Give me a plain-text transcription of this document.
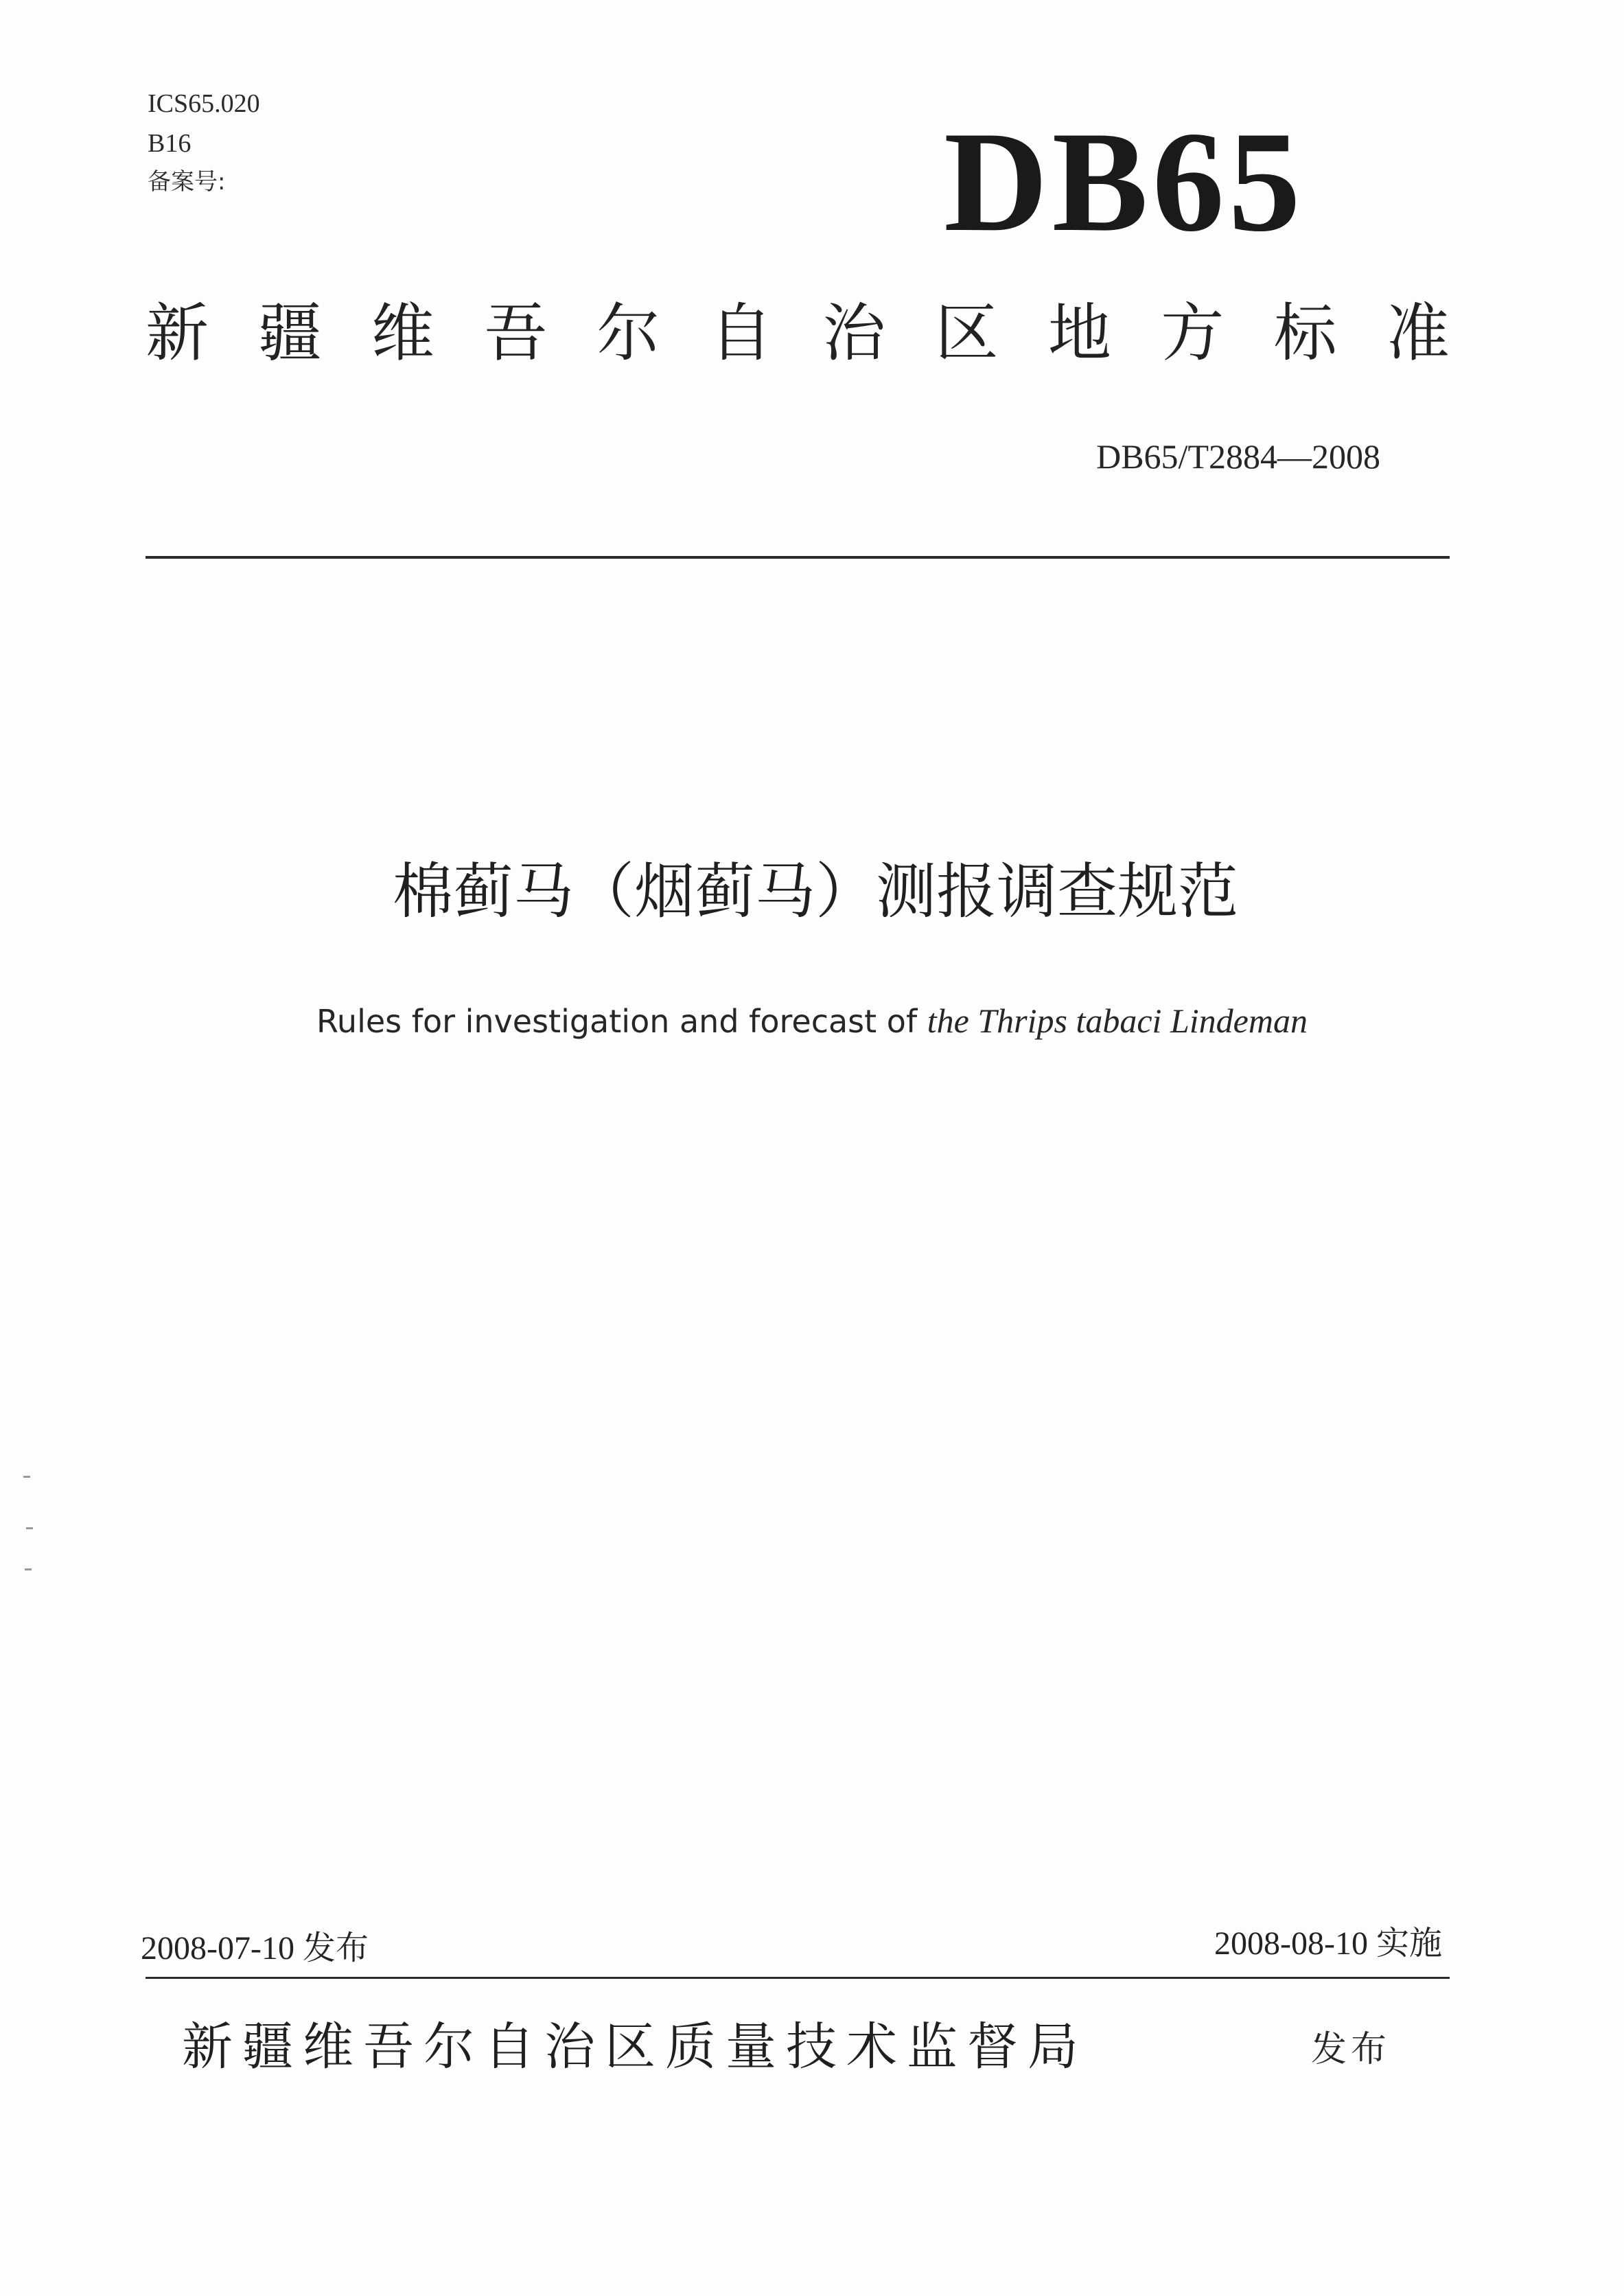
ICS65.020
B16
备案号:	DB65
新 疆 维 吾 尔 自 治 区 地 方 标 准
DB65/T2884—2008
棉蓟马（烟蓟马）测报调查规范
Rules for investigation and forecast of the Thrips tabaci Lindeman
2008-07-10 发布	2008-08-10 实施
新疆维吾尔自治区质量技术监督局	发布
